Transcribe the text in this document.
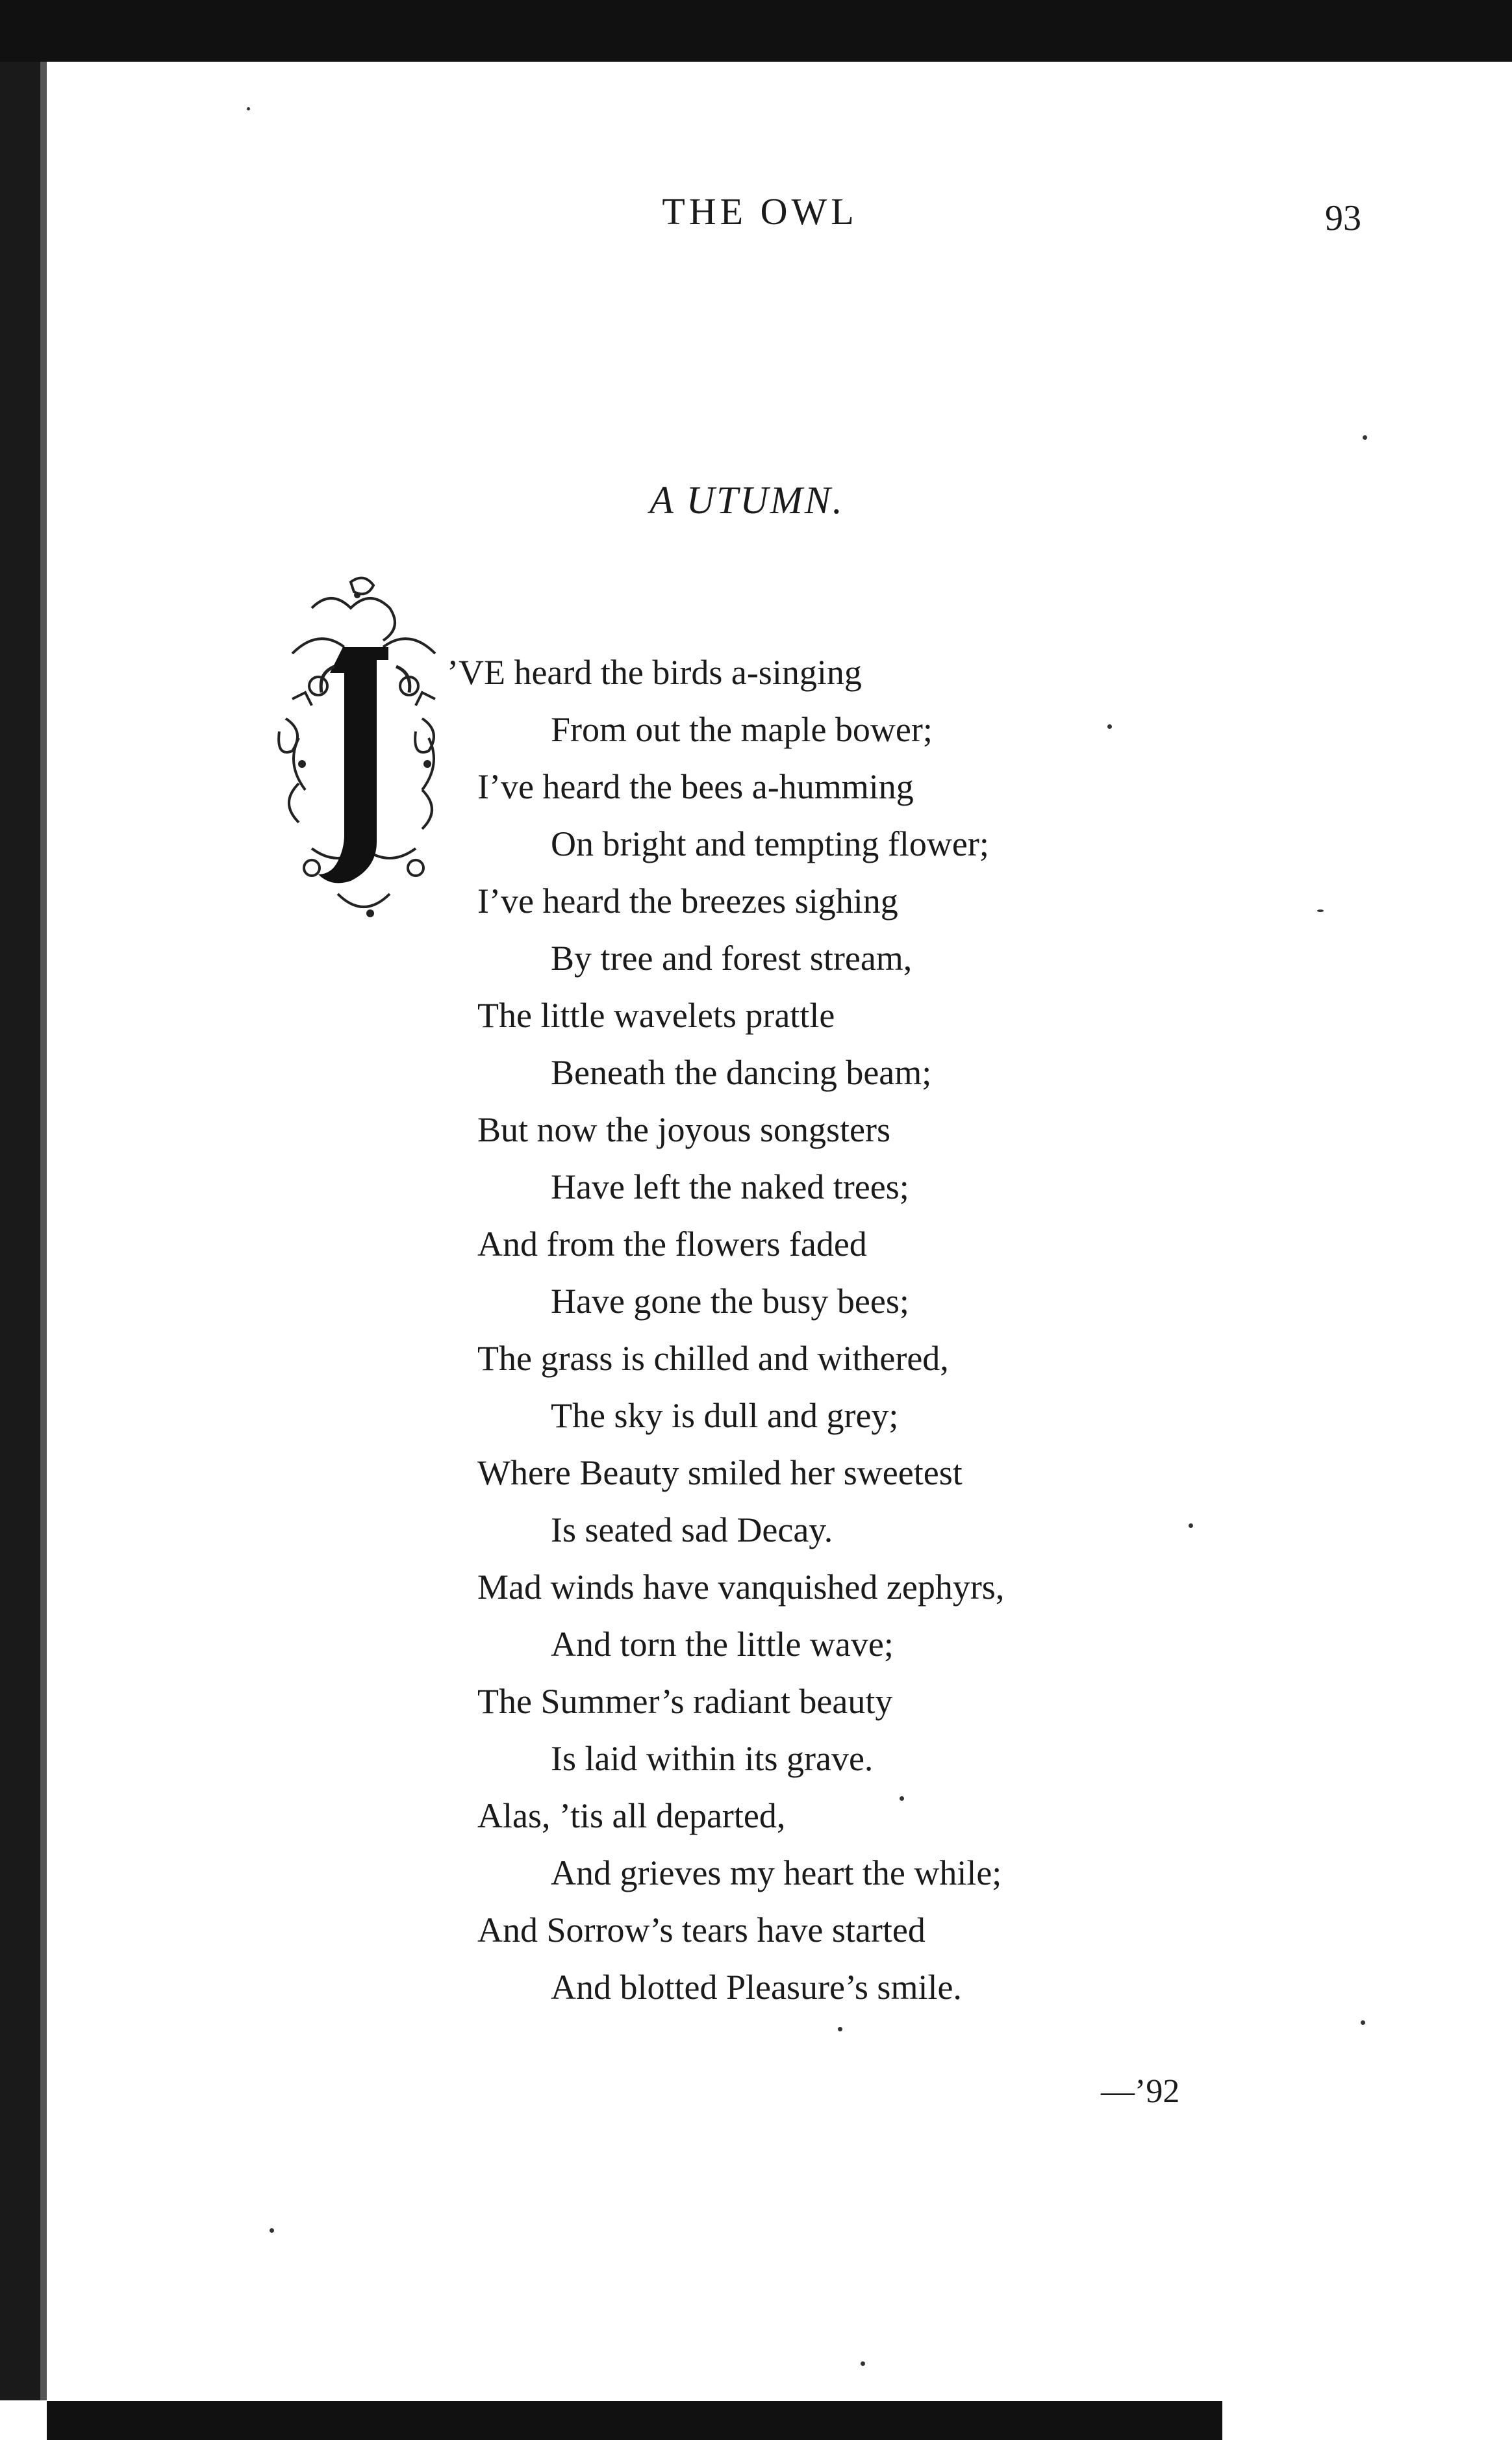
THE OWL	93
A UTUMN.
’VE heard the birds a-singing
From out the maple bower;
I’ve heard the bees a-humming
On bright and tempting flower;
I’ve heard the breezes sighing
By tree and forest stream,
The little wavelets prattle
Beneath the dancing beam;
But now the joyous songsters
Have left the naked trees;
And from the flowers faded
Have gone the busy bees;
The grass is chilled and withered,
The sky is dull and grey;
Where Beauty smiled her sweetest
Is seated sad Decay.
Mad winds have vanquished zephyrs,
And torn the little wave;
The Summer’s radiant beauty
Is laid within its grave.
Alas, ’tis all departed,
And grieves my heart the while;
And Sorrow’s tears have started
And blotted Pleasure’s smile.
—’92
